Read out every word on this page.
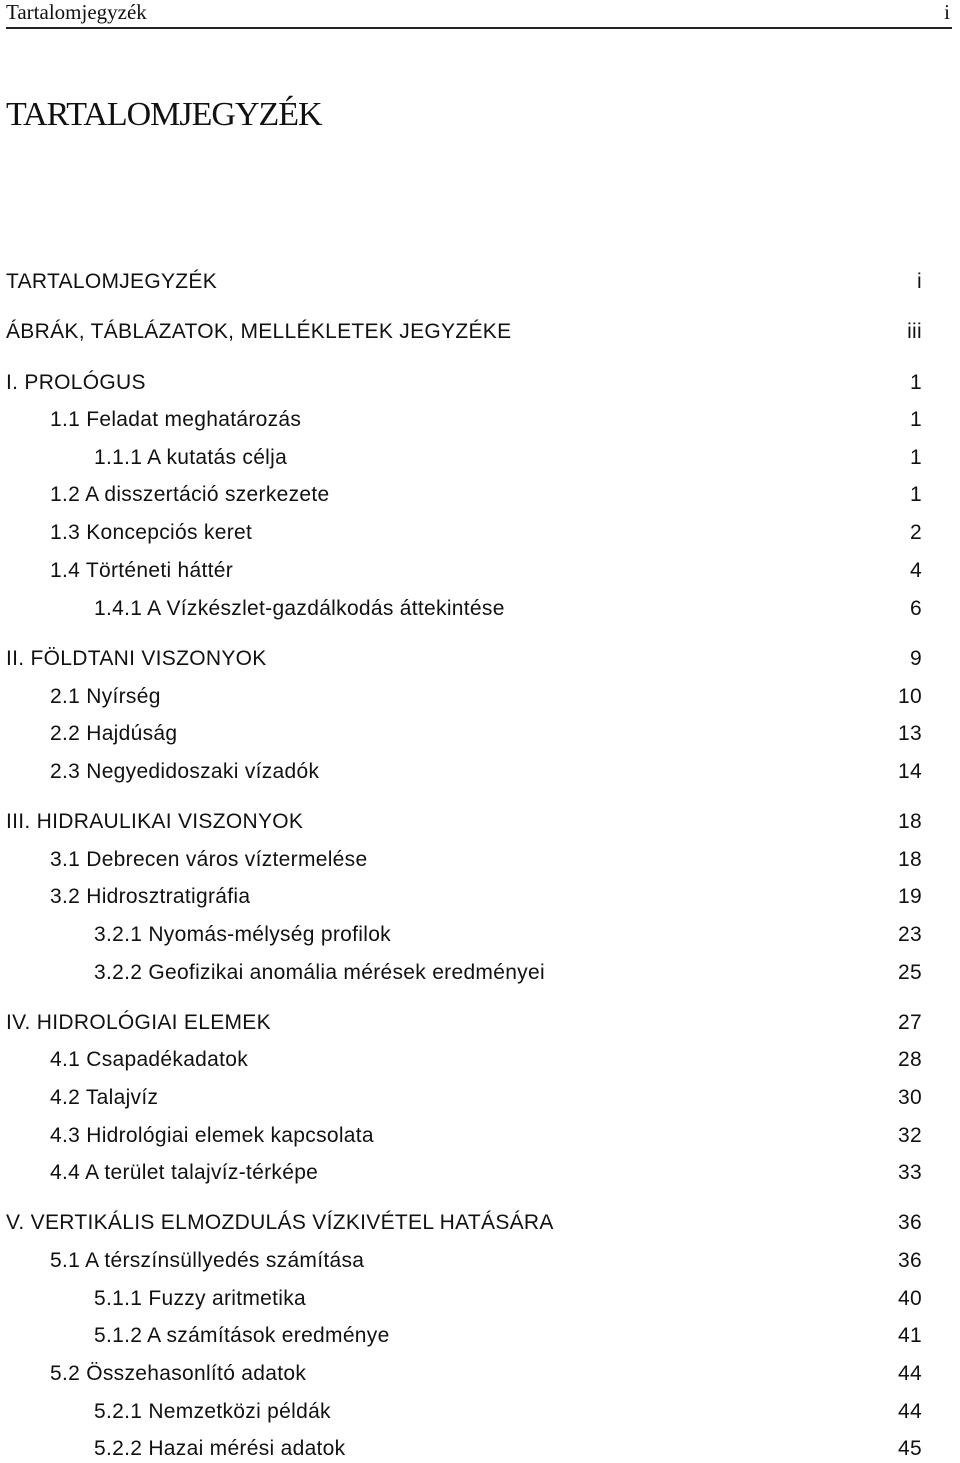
Tartalomjegyzék	i
TARTALOMJEGYZÉK
TARTALOMJEGYZÉK	i
ÁBRÁK, TÁBLÁZATOK, MELLÉKLETEK JEGYZÉKE	iii
I. PROLÓGUS	1
1.1 Feladat meghatározás	1
1.1.1 A kutatás célja	1
1.2 A disszertáció szerkezete	1
1.3 Koncepciós keret	2
1.4 Történeti háttér	4
1.4.1 A Vízkészlet-gazdálkodás áttekintése	6
II. FÖLDTANI VISZONYOK	9
2.1 Nyírség	10
2.2 Hajdúság	13
2.3 Negyedidoszaki vízadók	14
III. HIDRAULIKAI VISZONYOK	18
3.1 Debrecen város víztermelése	18
3.2 Hidrosztratigráfia	19
3.2.1 Nyomás-mélység profilok	23
3.2.2 Geofizikai anomália mérések eredményei	25
IV. HIDROLÓGIAI ELEMEK	27
4.1 Csapadékadatok	28
4.2 Talajvíz	30
4.3 Hidrológiai elemek kapcsolata	32
4.4 A terület talajvíz-térképe	33
V. VERTIKÁLIS ELMOZDULÁS VÍZKIVÉTEL HATÁSÁRA	36
5.1 A térszínsüllyedés számítása	36
5.1.1 Fuzzy aritmetika	40
5.1.2 A számítások eredménye	41
5.2 Összehasonlító adatok	44
5.2.1 Nemzetközi példák	44
5.2.2 Hazai mérési adatok	45
